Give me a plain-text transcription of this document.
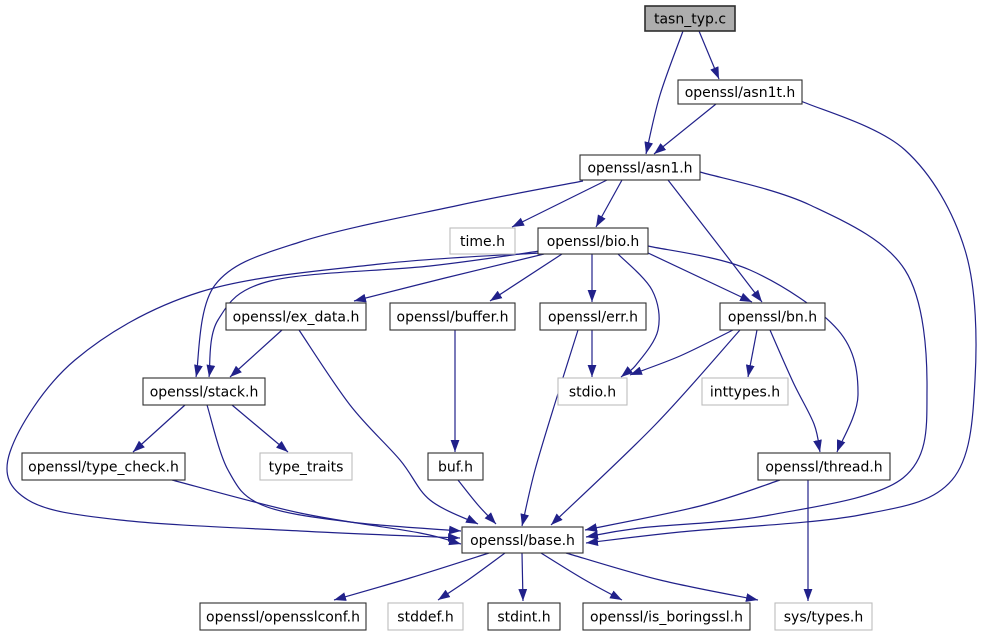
tasn_typ.c
openssl/asn1t.h
openssl/asn1.h
time.h	openssl/bio.h
openssl/ex_data.h	openssl/buffer.h	openssl/err.h	openssl/bn.h
stdio.h	inttypes.h
openssl/stack.h
openssl/type_check.h	type_traits	buf.h	openssl/thread.h
openssl/base.h
openssl/opensslconf.h	stddef.h	stdint.h	openssl/is_boringssl.h	sys/types.h
